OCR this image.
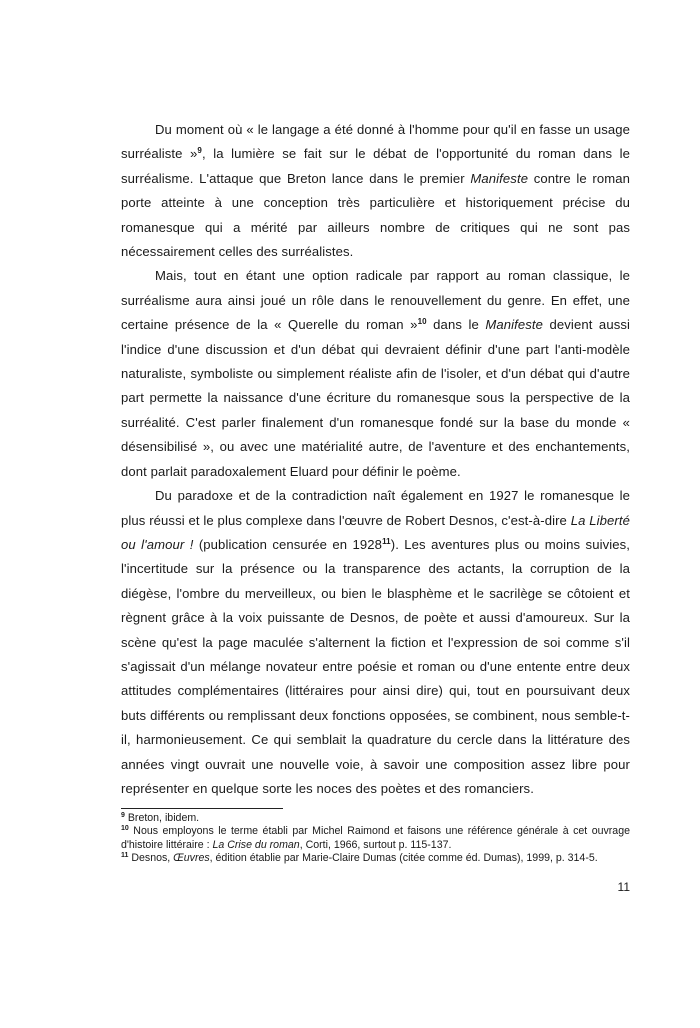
Du moment où « le langage a été donné à l'homme pour qu'il en fasse un usage surréaliste »$^9$, la lumière se fait sur le débat de l'opportunité du roman dans le surréalisme. L'attaque que Breton lance dans le premier Manifeste contre le roman porte atteinte à une conception très particulière et historiquement précise du romanesque qui a mérité par ailleurs nombre de critiques qui ne sont pas nécessairement celles des surréalistes.

Mais, tout en étant une option radicale par rapport au roman classique, le surréalisme aura ainsi joué un rôle dans le renouvellement du genre. En effet, une certaine présence de la « Querelle du roman »$^{10}$ dans le Manifeste devient aussi l'indice d'une discussion et d'un débat qui devraient définir d'une part l'anti-modèle naturaliste, symboliste ou simplement réaliste afin de l'isoler, et d'un débat qui d'autre part permette la naissance d'une écriture du romanesque sous la perspective de la surréalité. C'est parler finalement d'un romanesque fondé sur la base du monde « désensibilisé », ou avec une matérialité autre, de l'aventure et des enchantements, dont parlait paradoxalement Eluard pour définir le poème.

Du paradoxe et de la contradiction naît également en 1927 le romanesque le plus réussi et le plus complexe dans l'œuvre de Robert Desnos, c'est-à-dire La Liberté ou l'amour ! (publication censurée en 1928$^{11}$). Les aventures plus ou moins suivies, l'incertitude sur la présence ou la transparence des actants, la corruption de la diégèse, l'ombre du merveilleux, ou bien le blasphème et le sacrilège se côtoient et règnent grâce à la voix puissante de Desnos, de poète et aussi d'amoureux. Sur la scène qu'est la page maculée s'alternent la fiction et l'expression de soi comme s'il s'agissait d'un mélange novateur entre poésie et roman ou d'une entente entre deux attitudes complémentaires (littéraires pour ainsi dire) qui, tout en poursuivant deux buts différents ou remplissant deux fonctions opposées, se combinent, nous semble-t-il, harmonieusement. Ce qui semblait la quadrature du cercle dans la littérature des années vingt ouvrait une nouvelle voie, à savoir une composition assez libre pour représenter en quelque sorte les noces des poètes et des romanciers.

$^9$ Breton, ibidem.

$^{10}$ Nous employons le terme établi par Michel Raimond et faisons une référence générale à cet ouvrage d'histoire littéraire : La Crise du roman, Corti, 1966, surtout p. 115-137.

$^{11}$ Desnos, Œuvres, édition établie par Marie-Claire Dumas (citée comme éd. Dumas), 1999, p. 314-5.

11
